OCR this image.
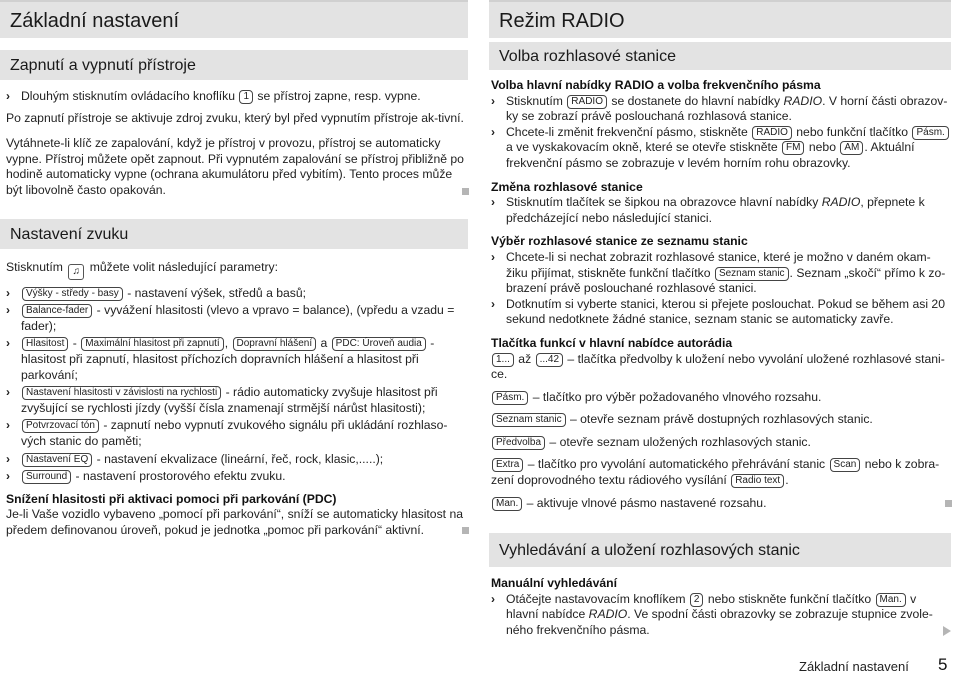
Základní nastavení
Zapnutí a vypnutí přístroje
› Dlouhým stisknutím ovládacího knoflíku 1 se přístroj zapne, resp. vypne.
Po zapnutí přístroje se aktivuje zdroj zvuku, který byl před vypnutím přístroje ak-tivní.
Vytáhnete-li klíč ze zapalování, když je přístroj v provozu, přístroj se automaticky vypne. Přístroj můžete opět zapnout. Při vypnutém zapalování se přístroj přibližně po hodině automaticky vypne (ochrana akumulátoru před vybitím). Tento proces může být libovolně často opakován.
Nastavení zvuku
Stisknutím ♫ můžete volit následující parametry:
› Výšky - středy - basy - nastavení výšek, středů a basů;
› Balance-fader - vyvážení hlasitosti (vlevo a vpravo = balance), (vpředu a vzadu = fader);
› Hlasitost - Maximální hlasitost při zapnutí , Dopravní hlášení a PDC: Úroveň audia - hlasitost při zapnutí, hlasitost příchozích dopravních hlášení a hlasitost při parkování;
› Nastavení hlasitosti v závislosti na rychlosti - rádio automaticky zvyšuje hlasitost při zvyšující se rychlosti jízdy (vyšší čísla znamenají strmější nárůst hlasitosti);
› Potvrzovací tón - zapnutí nebo vypnutí zvukového signálu při ukládání rozhlaso-vých stanic do paměti;
› Nastavení EQ - nastavení ekvalizace (lineární, řeč, rock, klasic,.....);
› Surround - nastavení prostorového efektu zvuku.
Snížení hlasitosti při aktivaci pomoci při parkování (PDC)
Je-li Vaše vozidlo vybaveno „pomocí při parkování“, sníží se automaticky hlasitost na předem definovanou úroveň, pokud je jednotka „pomoc při parkování“ aktivní.
Režim RADIO
Volba rozhlasové stanice
Volba hlavní nabídky RADIO a volba frekvenčního pásma
› Stisknutím RADIO se dostanete do hlavní nabídky RADIO. V horní části obrazov-ky se zobrazí právě poslouchaná rozhlasová stanice.
› Chcete-li změnit frekvenční pásmo, stiskněte RADIO nebo funkční tlačítko Pásm. a ve vyskakovacím okně, které se otevře stiskněte FM nebo AM . Aktuální frekvenční pásmo se zobrazuje v levém horním rohu obrazovky.
Změna rozhlasové stanice
› Stisknutím tlačítek se šipkou na obrazovce hlavní nabídky RADIO, přepnete k předcházející nebo následující stanici.
Výběr rozhlasové stanice ze seznamu stanic
› Chcete-li si nechat zobrazit rozhlasové stanice, které je možno v daném okam-žiku přijímat, stiskněte funkční tlačítko Seznam stanic . Seznam „skočí“ přímo k zo-brazení právě poslouchané rozhlasové stanici.
› Dotknutím si vyberte stanici, kterou si přejete poslouchat. Pokud se během asi 20 sekund nedotknete žádné stanice, seznam stanic se automaticky zavře.
Tlačítka funkcí v hlavní nabídce autorádia
1... až ...42 – tlačítka předvolby k uložení nebo vyvolání uložené rozhlasové stani-ce.
Pásm. – tlačítko pro výběr požadovaného vlnového rozsahu.
Seznam stanic – otevře seznam právě dostupných rozhlasových stanic.
Předvolba – otevře seznam uložených rozhlasových stanic.
Extra – tlačítko pro vyvolání automatického přehrávání stanic Scan nebo k zobra-zení doprovodného textu rádiového vysílání Radio text .
Man. – aktivuje vlnové pásmo nastavené rozsahu.
Vyhledávání a uložení rozhlasových stanic
Manuální vyhledávání
› Otáčejte nastavovacím knoflíkem 2 nebo stiskněte funkční tlačítko Man. v hlavní nabídce RADIO. Ve spodní části obrazovky se zobrazuje stupnice zvole-ného frekvenčního pásma.
Základní nastavení 5
